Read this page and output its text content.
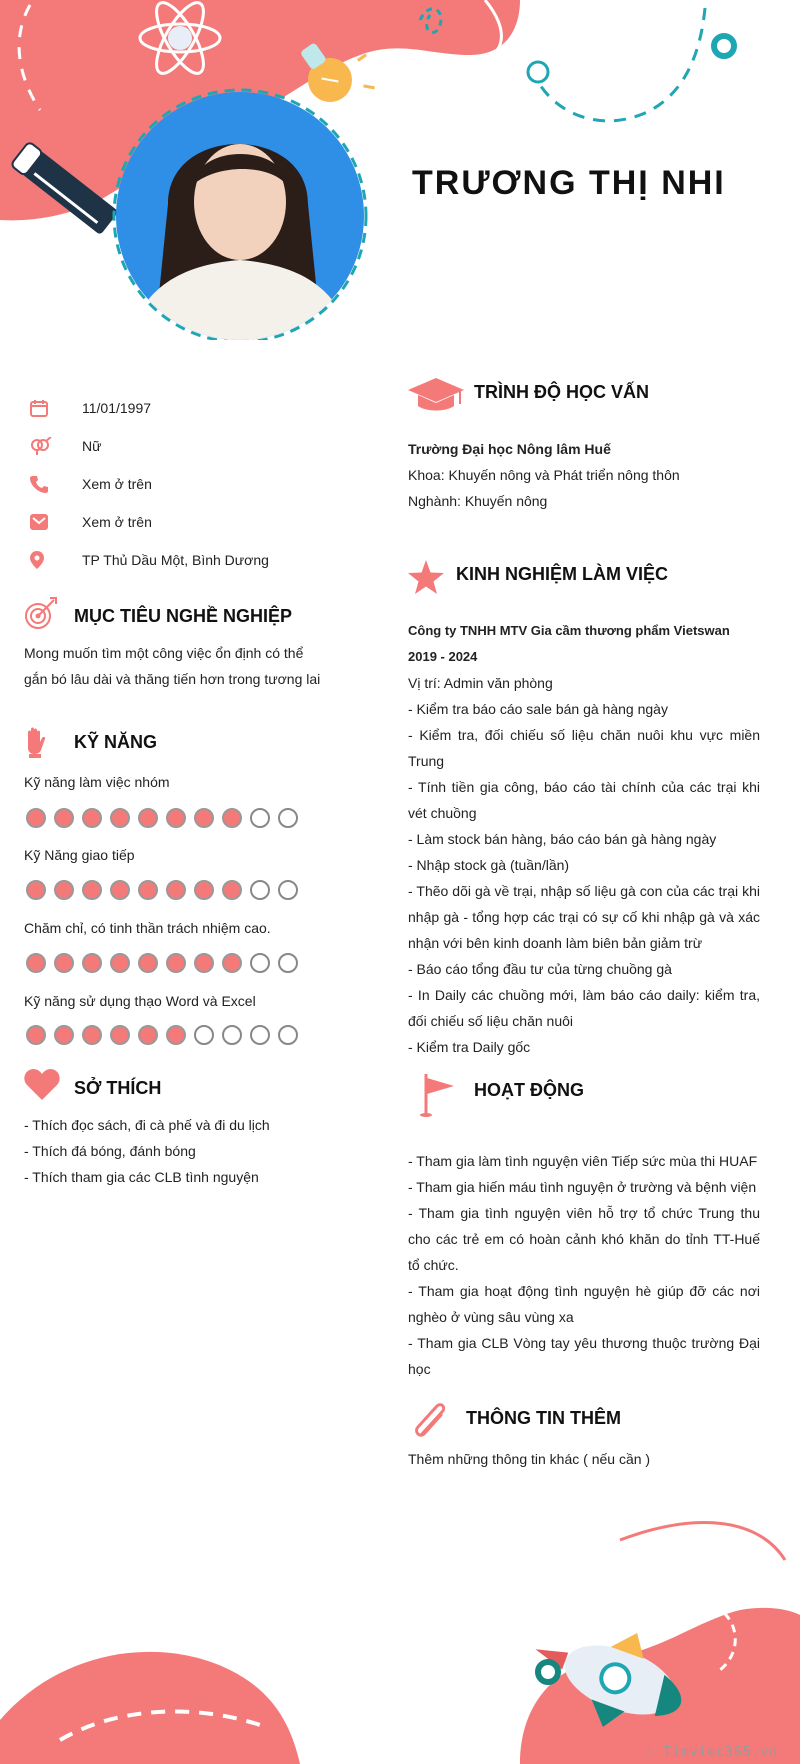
TRƯƠNG THỊ NHI
11/01/1997
Nữ
Xem ở trên
Xem ở trên
TP Thủ Dầu Một, Bình Dương
MỤC TIÊU NGHỀ NGHIỆP
Mong muốn tìm một công việc ổn định có thể gắn bó lâu dài và thăng tiến hơn trong tương lai
KỸ NĂNG
Kỹ năng làm việc nhóm
Kỹ Năng giao tiếp
Chăm chỉ, có tinh thần trách nhiệm cao.
Kỹ năng sử dụng thạo Word và Excel
SỞ THÍCH
- Thích đọc sách, đi cà phế và đi du lịch
- Thích đá bóng, đánh bóng
- Thích tham gia các CLB tình nguyện
TRÌNH ĐỘ HỌC VẤN
Trường Đại học Nông lâm Huế
Khoa: Khuyến nông và Phát triển nông thôn
Nghành: Khuyến nông
KINH NGHIỆM LÀM VIỆC
Công ty TNHH MTV Gia cầm thương phẩm Vietswan
2019 - 2024
Vị trí: Admin văn phòng
- Kiểm tra báo cáo sale bán gà hàng ngày
- Kiểm tra, đối chiếu số liệu chăn nuôi khu vực miền Trung
- Tính tiền gia công, báo cáo tài chính của các trại khi vét chuồng
- Làm stock bán hàng, báo cáo bán gà hàng ngày
- Nhập stock gà (tuần/lần)
- Thẽo dõi gà về trại, nhập số liệu gà con của các trại khi nhập gà - tổng hợp các trại có sự cố khi nhập gà và xác nhận với bên kinh doanh làm biên bản giảm trừ
- Báo cáo tổng đầu tư của từng chuồng gà
- In Daily các chuồng mới, làm báo cáo daily: kiểm tra, đối chiếu số liệu chăn nuôi
- Kiểm tra Daily gốc
HOẠT ĐỘNG
- Tham gia làm tình nguyện viên Tiếp sức mùa thi HUAF
- Tham gia hiến máu tình nguyện ở trường và bệnh viện
- Tham gia tình nguyện viên hỗ trợ tổ chức Trung thu cho các trẻ em có hoàn cảnh khó khăn do tỉnh TT-Huế tổ chức.
- Tham gia hoạt động tình nguyện hè giúp đỡ các nơi nghèo ở vùng sâu vùng xa
- Tham gia CLB Vòng tay yêu thương thuộc trường Đại học
THÔNG TIN THÊM
Thêm những thông tin khác ( nếu cần )
∴ Timviec365.vn
